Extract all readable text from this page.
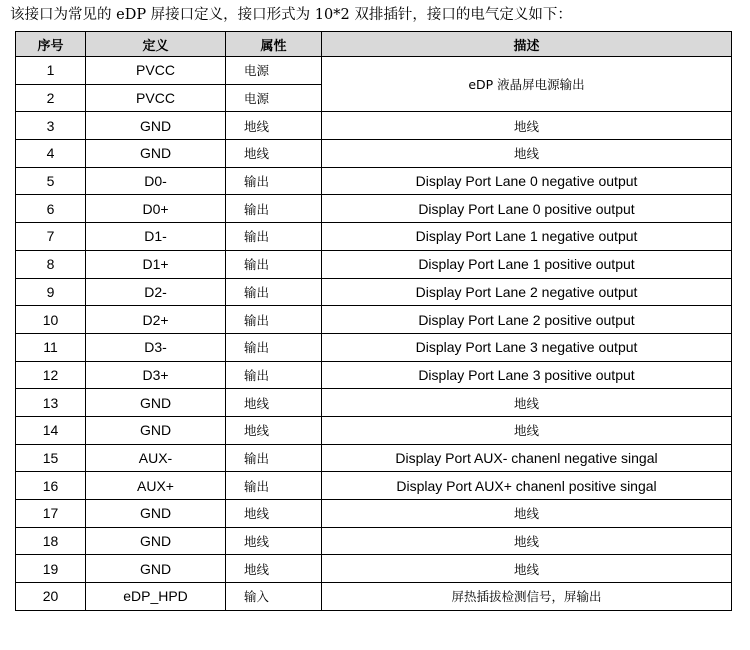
该接口为常见的 eDP 屏接口定义，接口形式为 10*2 双排插针，接口的电气定义如下：
序号	定义	属性	描述
1	PVCC	电源	eDP 液晶屏电源输出
2	PVCC	电源	
3	GND	地线	地线
4	GND	地线	地线
5	D0-	输出	Display Port Lane 0 negative output
6	D0+	输出	Display Port Lane 0 positive output
7	D1-	输出	Display Port Lane 1 negative output
8	D1+	输出	Display Port Lane 1 positive output
9	D2-	输出	Display Port Lane 2 negative output
10	D2+	输出	Display Port Lane 2 positive output
11	D3-	输出	Display Port Lane 3 negative output
12	D3+	输出	Display Port Lane 3 positive output
13	GND	地线	地线
14	GND	地线	地线
15	AUX-	输出	Display Port AUX- chanenl negative singal
16	AUX+	输出	Display Port AUX+ chanenl positive singal
17	GND	地线	地线
18	GND	地线	地线
19	GND	地线	地线
20	eDP_HPD	输入	屏热插拔检测信号，屏输出
